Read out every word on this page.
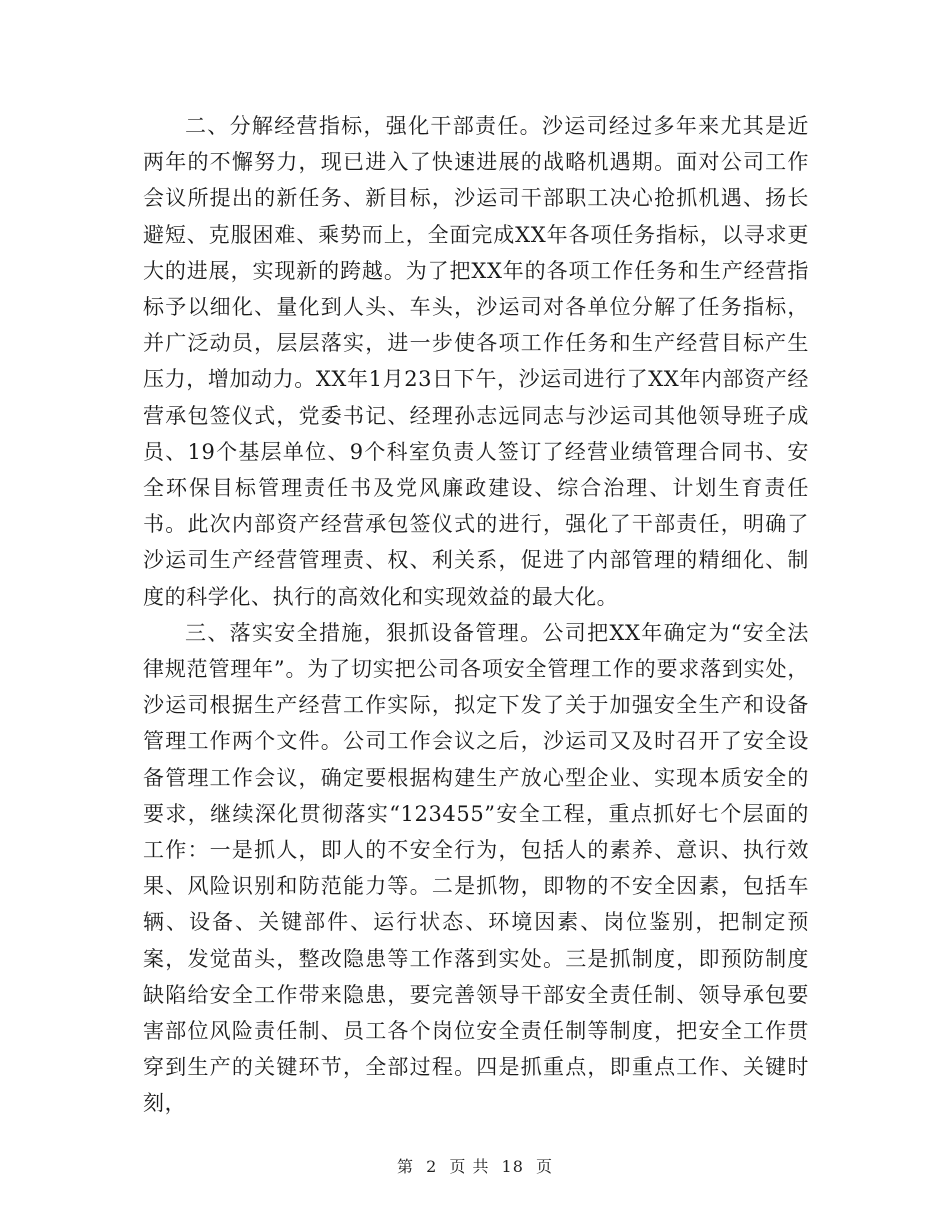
二、分解经营指标，强化干部责任。沙运司经过多年来尤其是近两年的不懈努力，现已进入了快速进展的战略机遇期。面对公司工作会议所提出的新任务、新目标，沙运司干部职工决心抢抓机遇、扬长避短、克服困难、乘势而上，全面完成XX年各项任务指标，以寻求更大的进展，实现新的跨越。为了把XX年的各项工作任务和生产经营指标予以细化、量化到人头、车头，沙运司对各单位分解了任务指标，并广泛动员，层层落实，进一步使各项工作任务和生产经营目标产生压力，增加动力。XX年1月23日下午，沙运司进行了XX年内部资产经营承包签仪式，党委书记、经理孙志远同志与沙运司其他领导班子成员、19个基层单位、9个科室负责人签订了经营业绩管理合同书、安全环保目标管理责任书及党风廉政建设、综合治理、计划生育责任书。此次内部资产经营承包签仪式的进行，强化了干部责任，明确了沙运司生产经营管理责、权、利关系，促进了内部管理的精细化、制度的科学化、执行的高效化和实现效益的最大化。

三、落实安全措施，狠抓设备管理。公司把XX年确定为“安全法律规范管理年”。为了切实把公司各项安全管理工作的要求落到实处，沙运司根据生产经营工作实际，拟定下发了关于加强安全生产和设备管理工作两个文件。公司工作会议之后，沙运司又及时召开了安全设备管理工作会议，确定要根据构建生产放心型企业、实现本质安全的要求，继续深化贯彻落实“123455”安全工程，重点抓好七个层面的工作：一是抓人，即人的不安全行为，包括人的素养、意识、执行效果、风险识别和防范能力等。二是抓物，即物的不安全因素，包括车辆、设备、关键部件、运行状态、环境因素、岗位鉴别，把制定预案，发觉苗头，整改隐患等工作落到实处。三是抓制度，即预防制度缺陷给安全工作带来隐患，要完善领导干部安全责任制、领导承包要害部位风险责任制、员工各个岗位安全责任制等制度，把安全工作贯穿到生产的关键环节，全部过程。四是抓重点，即重点工作、关键时刻，

第 2 页 共 18 页
